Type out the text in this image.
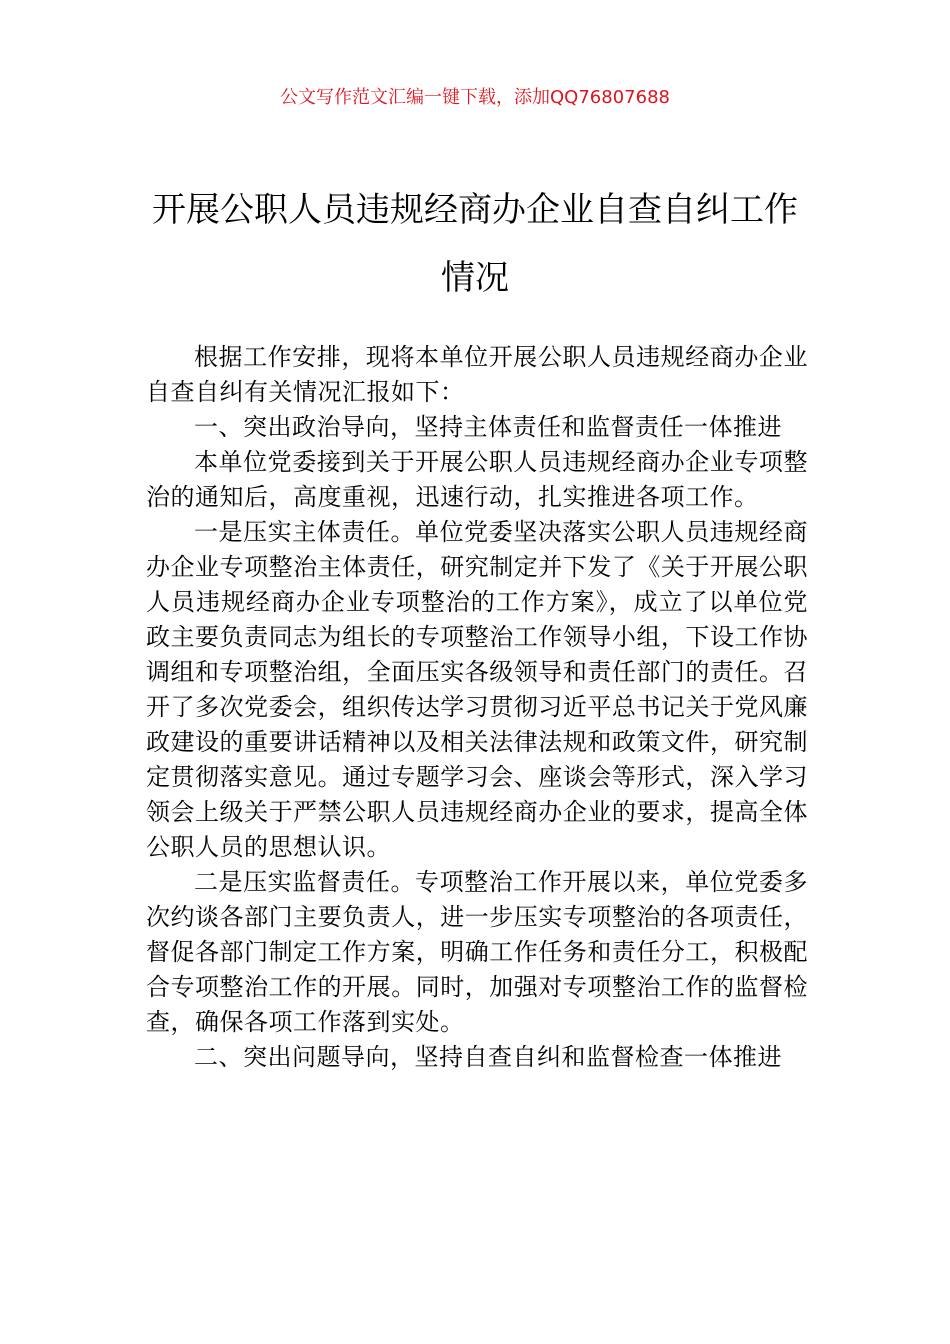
公文写作范文汇编一键下载，添加QQ76807688
开展公职人员违规经商办企业自查自纠工作情况

根据工作安排，现将本单位开展公职人员违规经商办企业自查自纠有关情况汇报如下：

一、突出政治导向，坚持主体责任和监督责任一体推进

本单位党委接到关于开展公职人员违规经商办企业专项整治的通知后，高度重视，迅速行动，扎实推进各项工作。

一是压实主体责任。单位党委坚决落实公职人员违规经商办企业专项整治主体责任，研究制定并下发了《关于开展公职人员违规经商办企业专项整治的工作方案》，成立了以单位党政主要负责同志为组长的专项整治工作领导小组，下设工作协调组和专项整治组，全面压实各级领导和责任部门的责任。召开了多次党委会，组织传达学习贯彻习近平总书记关于党风廉政建设的重要讲话精神以及相关法律法规和政策文件，研究制定贯彻落实意见。通过专题学习会、座谈会等形式，深入学习领会上级关于严禁公职人员违规经商办企业的要求，提高全体公职人员的思想认识。

二是压实监督责任。专项整治工作开展以来，单位党委多次约谈各部门主要负责人，进一步压实专项整治的各项责任，督促各部门制定工作方案，明确工作任务和责任分工，积极配合专项整治工作的开展。同时，加强对专项整治工作的监督检查，确保各项工作落到实处。

二、突出问题导向，坚持自查自纠和监督检查一体推进
